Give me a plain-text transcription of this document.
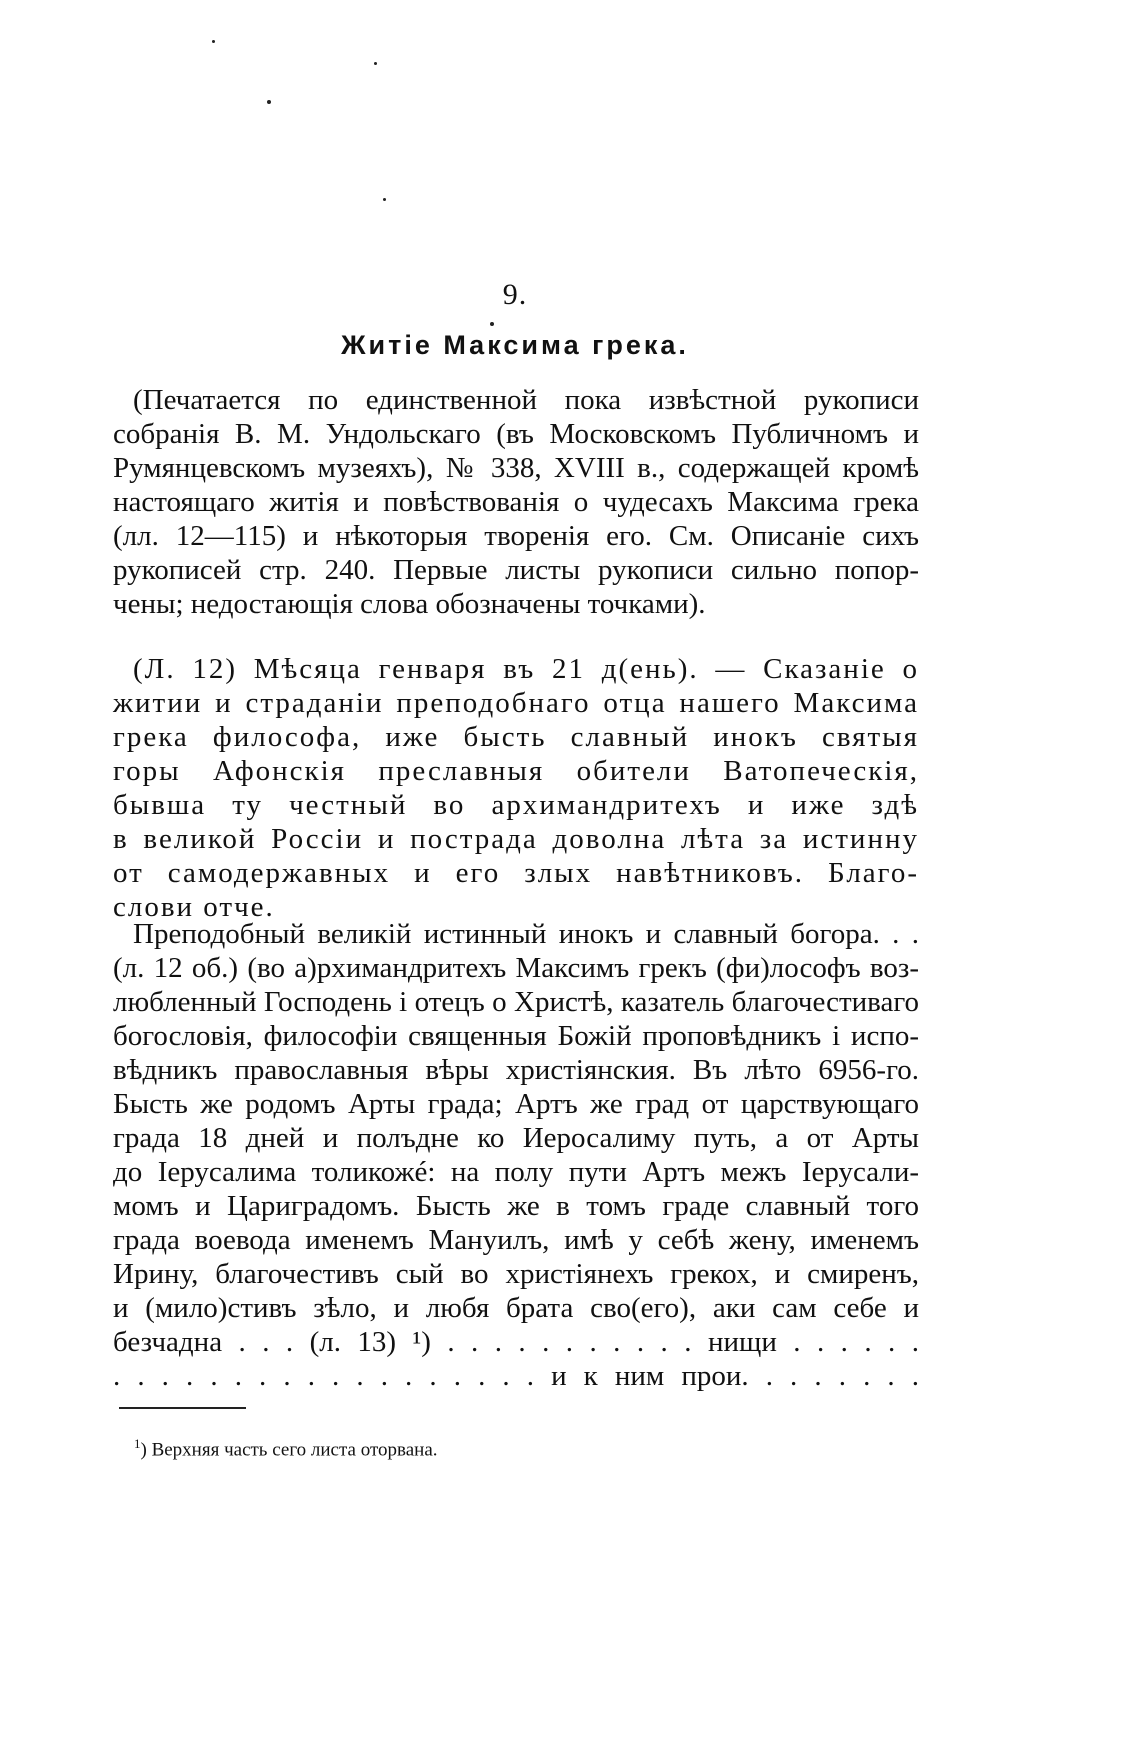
9.
Житiе Максима грека.
(Печатается по единственной пока извѣстной рукописи
собранiя В. М. Ундольскаго (въ Московскомъ Публичномъ и
Румянцевскомъ музеяхъ), № 338, XVIII в., содержащей кромѣ
настоящаго житiя и повѣствованiя о чудесахъ Максима грека
(лл. 12—115) и нѣкоторыя творенiя его. См. Описанiе сихъ
рукописей стр. 240. Первые листы рукописи сильно попор-
чены; недостающiя слова обозначены точками).
(Л. 12) Мѣсяца генваря въ 21 д(ень). — Сказанiе о
житии и страданiи преподобнаго отца нашего Максима
грека философа, иже бысть славный инокъ святыя
горы Афонскiя преславныя обители Ватопеческiя,
бывша ту честный во архимандритехъ и иже здѣ
в великой Россiи и пострада доволна лѣта за истинну
от самодержавных и его злых навѣтниковъ. Благо-
слови отче.
Преподобный великiй истинный инокъ и славный богора. . .
(л. 12 об.) (во а)рхимандритехъ Максимъ грекъ (фи)лософъ воз-
любленный Господень i отецъ о Христѣ, казатель благочестиваго
богословiя, философiи священныя Божiй проповѣдникъ i испо-
вѣдникъ православныя вѣры христiянския. Въ лѣто 6956-го.
Бысть же родомъ Арты града; Артъ же град от царствующаго
града 18 дней и полъдне ко Иеросалиму путь, а от Арты
до Iерусалима толикожé: на полу пути Артъ межъ Iерусали-
момъ и Цариградомъ. Бысть же в томъ граде славный того
града воевода именемъ Мануилъ, имѣ у себѣ жену, именемъ
Ирину, благочестивъ сый во христiянехъ грекох, и смиренъ,
и (мило)стивъ зѣло, и любя брата сво(его), аки сам себе и
безчадна . . . (л. 13) ¹) . . . . . . . . . . . нищи . . . . . .
. . . . . . . . . . . . . . . . . . и к ним прои. . . . . . . .
$^1$) Верхняя часть сего листа оторвана.
